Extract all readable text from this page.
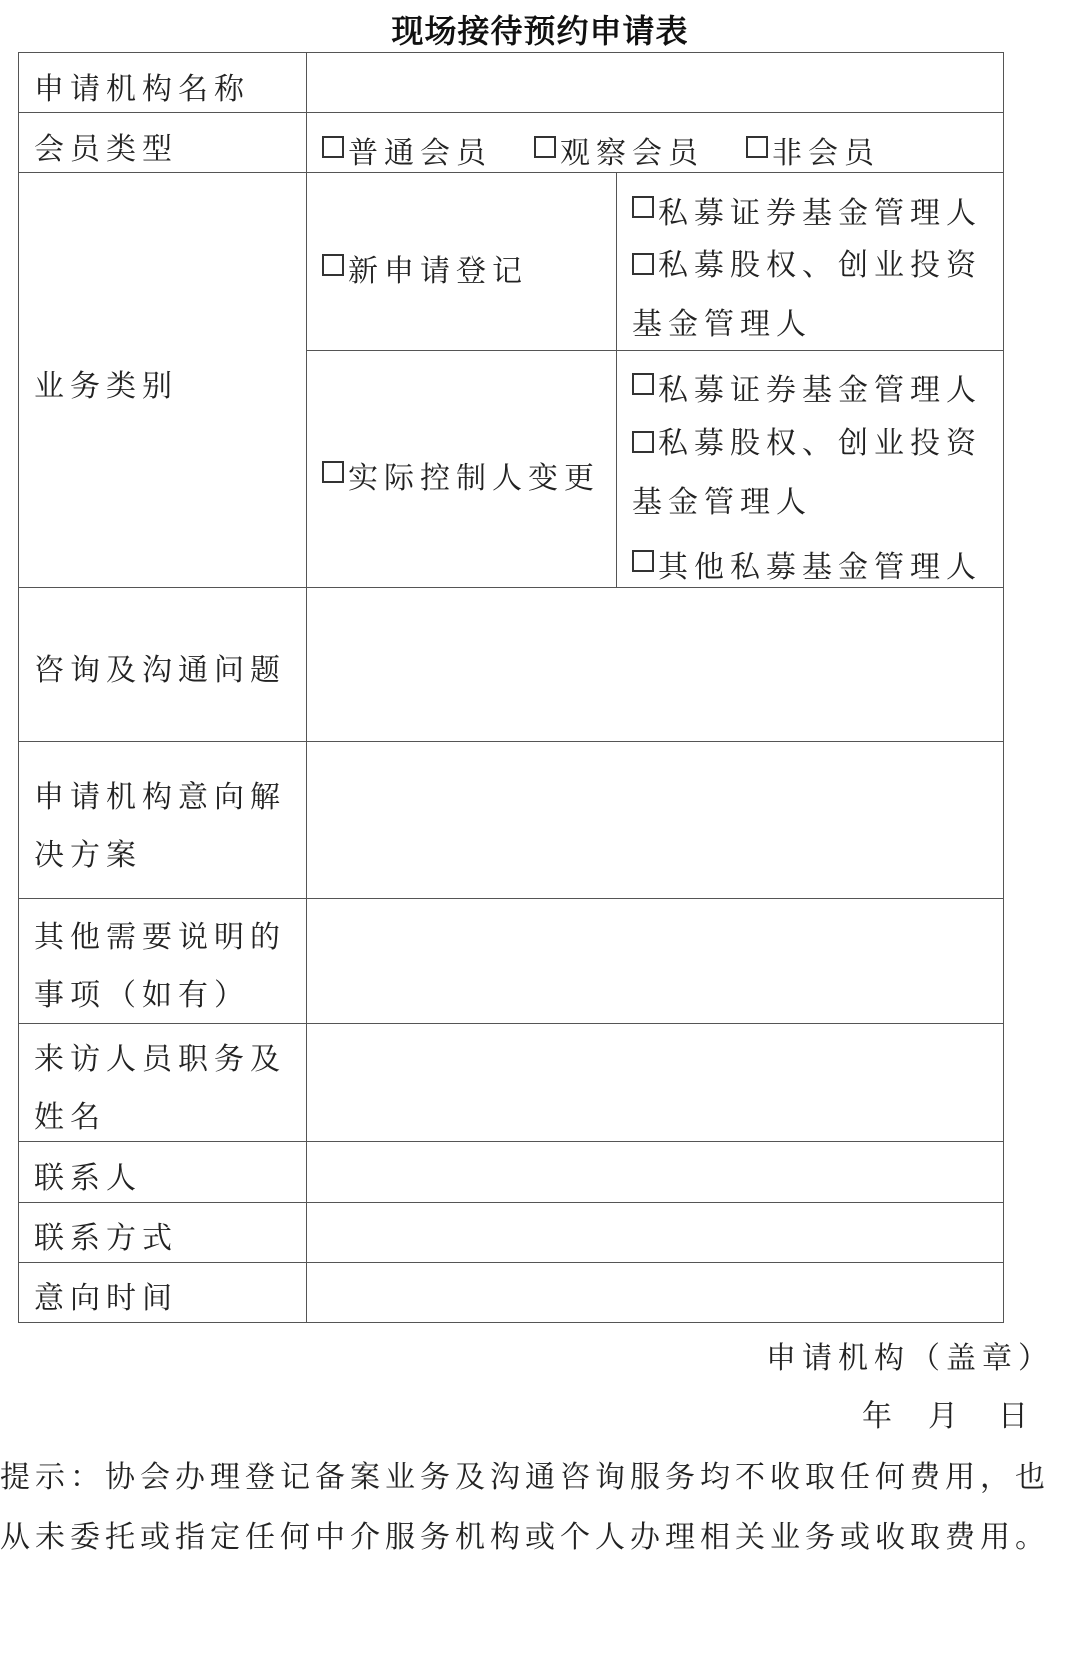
现场接待预约申请表
申请机构名称
会员类型
业务类别
咨询及沟通问题
申请机构意向解
决方案
其他需要说明的
事项（如有）
来访人员职务及
姓名
联系人
联系方式
意向时间
普通会员	观察会员	非会员
新申请登记
私募证券基金管理人
私募股权、创业投资基金管理人
实际控制人变更
私募证券基金管理人
私募股权、创业投资基金管理人
其他私募基金管理人
申请机构（盖章）
年 月 日
提示：协会办理登记备案业务及沟通咨询服务均不收取任何费用，也从未委托或指定任何中介服务机构或个人办理相关业务或收取费用。
